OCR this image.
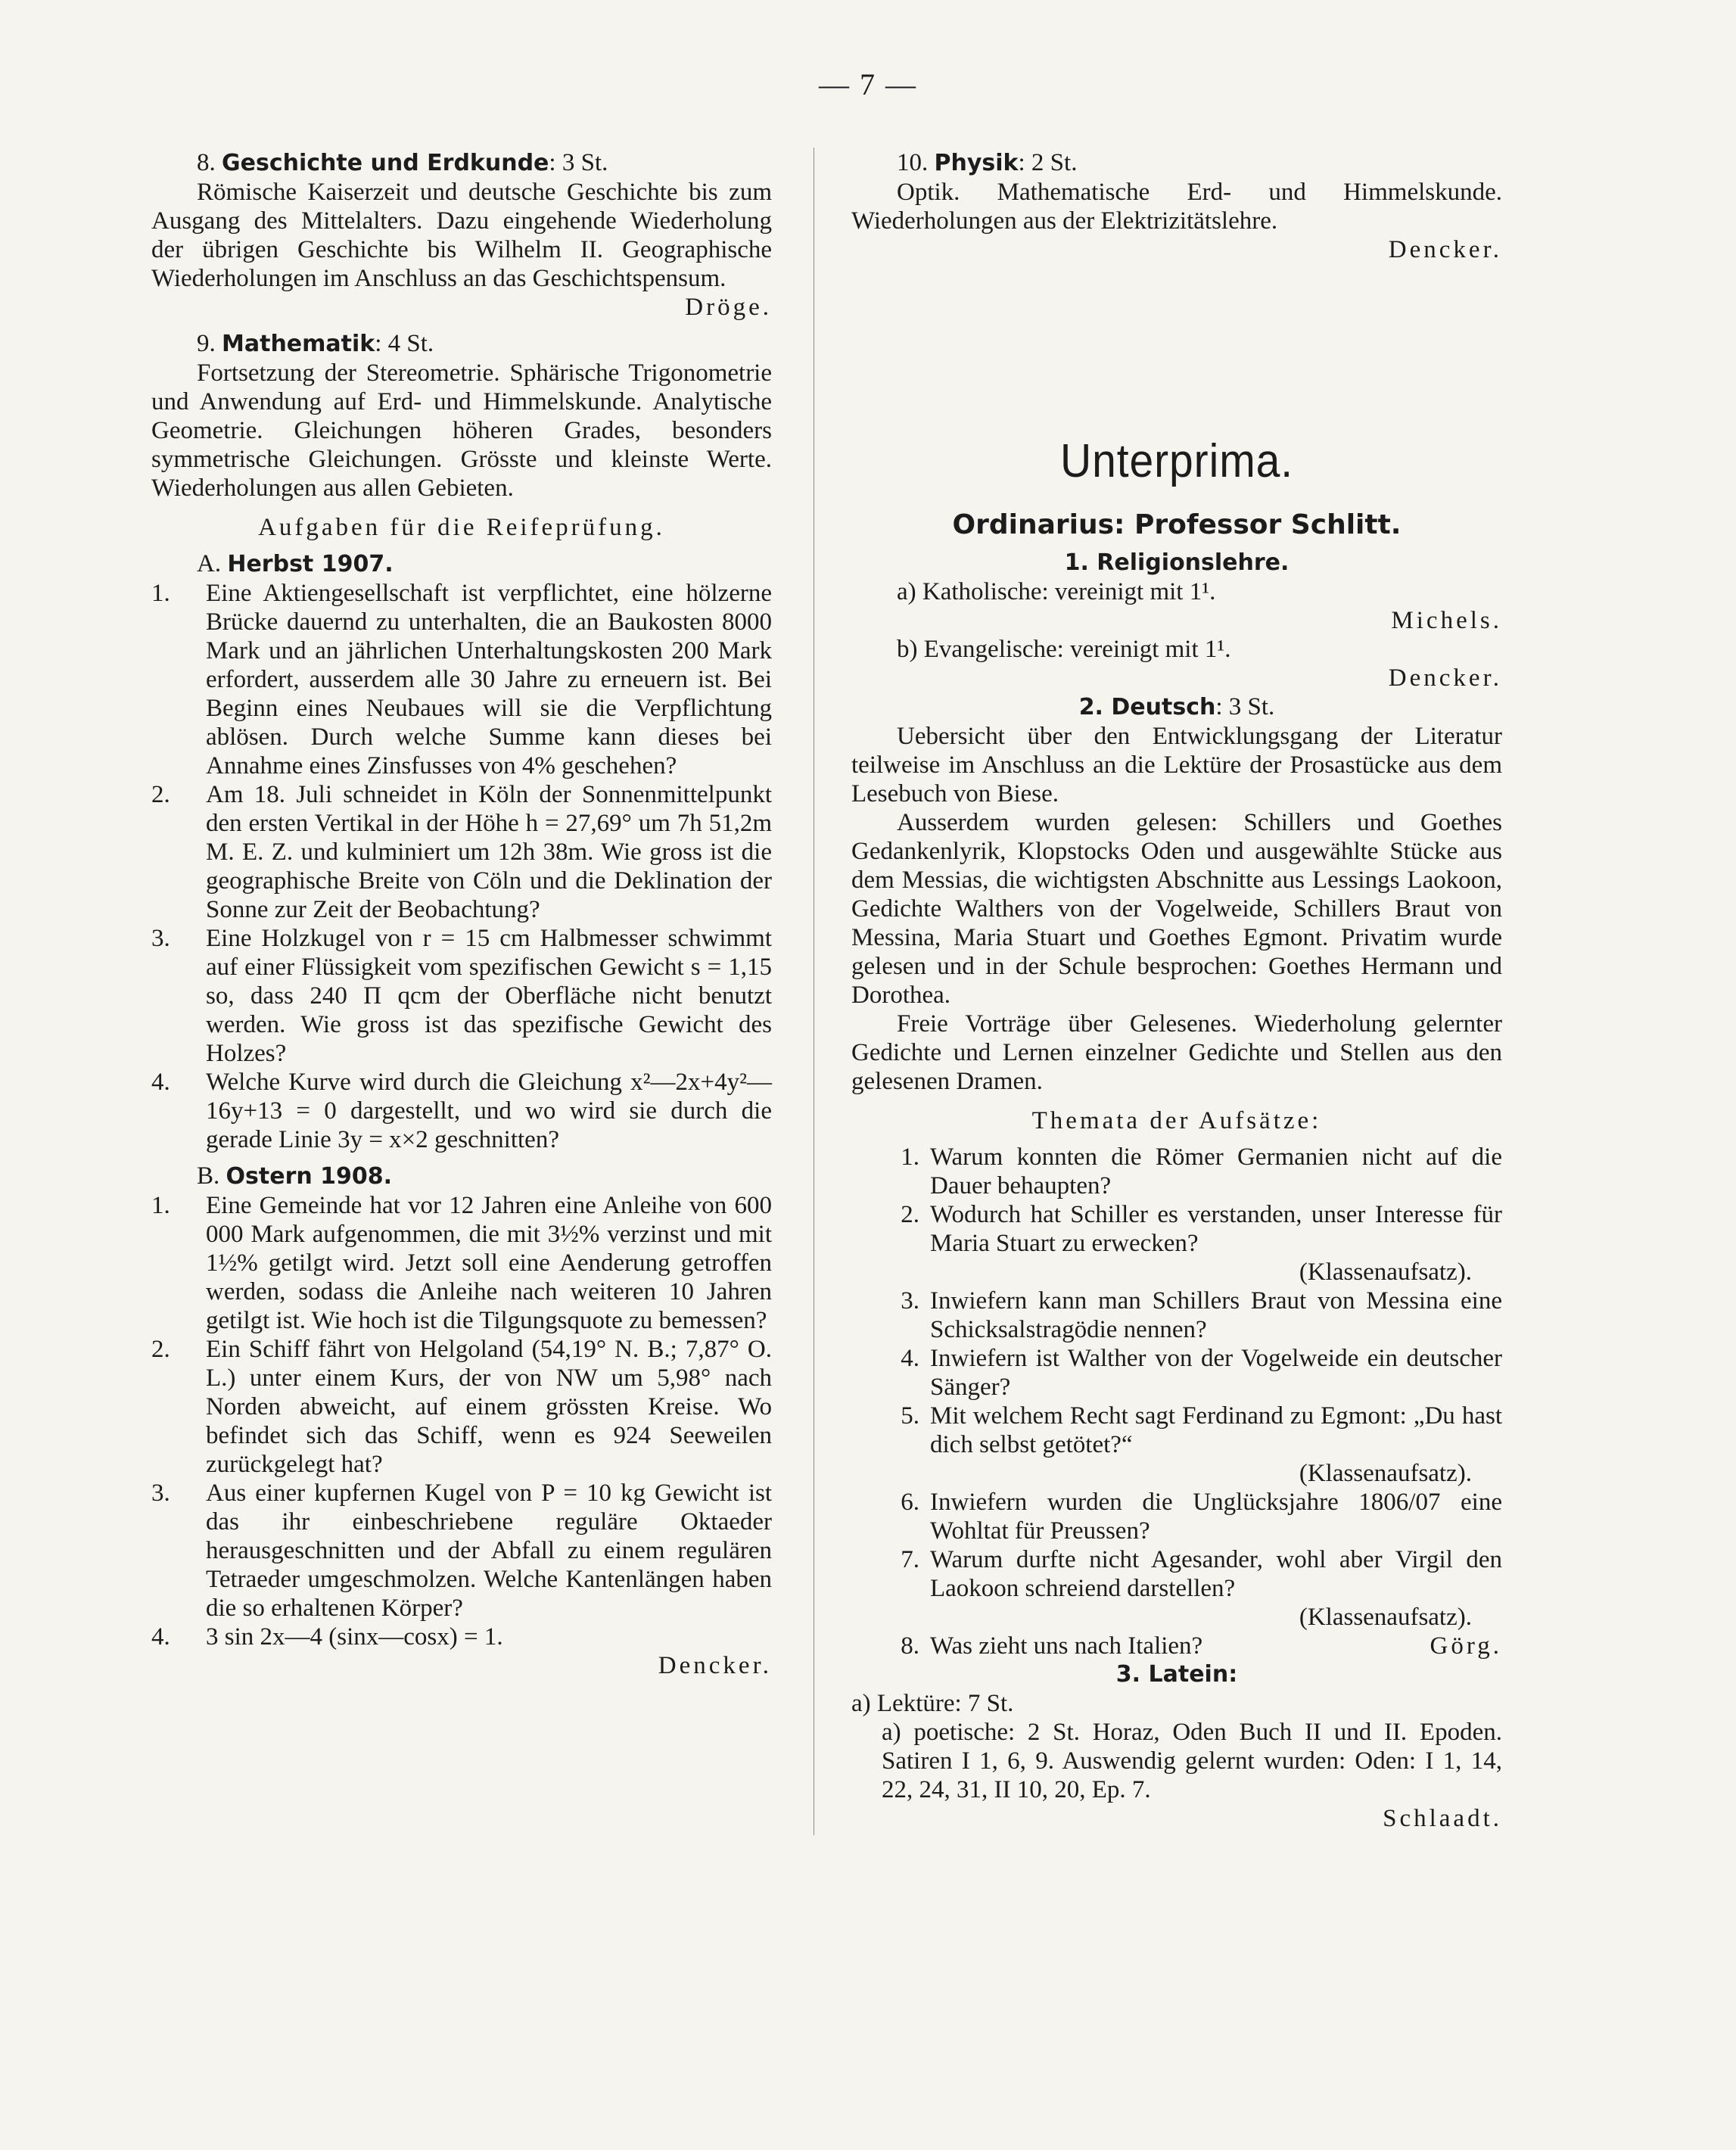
— 7 —

8. Geschichte und Erdkunde: 3 St.

Römische Kaiserzeit und deutsche Geschichte bis zum Ausgang des Mittelalters. Dazu eingehende Wiederholung der übrigen Geschichte bis Wilhelm II. Geographische Wiederholungen im Anschluss an das Geschichtspensum.

Dröge.

9. Mathematik: 4 St.

Fortsetzung der Stereometrie. Sphärische Trigonometrie und Anwendung auf Erd- und Himmelskunde. Analytische Geometrie. Gleichungen höheren Grades, besonders symmetrische Gleichungen. Grösste und kleinste Werte. Wiederholungen aus allen Gebieten.

Aufgaben für die Reifeprüfung.

A. Herbst 1907.

1.	Eine Aktiengesellschaft ist verpflichtet, eine hölzerne Brücke dauernd zu unterhalten, die an Baukosten 8000 Mark und an jährlichen Unterhaltungskosten 200 Mark erfordert, ausserdem alle 30 Jahre zu erneuern ist. Bei Beginn eines Neubaues will sie die Verpflichtung ablösen. Durch welche Summe kann dieses bei Annahme eines Zinsfusses von 4% geschehen?
2.	Am 18. Juli schneidet in Köln der Sonnenmittelpunkt den ersten Vertikal in der Höhe h = 27,69° um 7h 51,2m M. E. Z. und kulminiert um 12h 38m. Wie gross ist die geographische Breite von Cöln und die Deklination der Sonne zur Zeit der Beobachtung?
3.	Eine Holzkugel von r = 15 cm Halbmesser schwimmt auf einer Flüssigkeit vom spezifischen Gewicht s = 1,15 so, dass 240 Π qcm der Oberfläche nicht benutzt werden. Wie gross ist das spezifische Gewicht des Holzes?
4.	Welche Kurve wird durch die Gleichung x²—2x+4y²—16y+13 = 0 dargestellt, und wo wird sie durch die gerade Linie 3y = x×2 geschnitten?

B. Ostern 1908.

1.	Eine Gemeinde hat vor 12 Jahren eine Anleihe von 600 000 Mark aufgenommen, die mit 3½% verzinst und mit 1½% getilgt wird. Jetzt soll eine Aenderung getroffen werden, sodass die Anleihe nach weiteren 10 Jahren getilgt ist. Wie hoch ist die Tilgungsquote zu bemessen?
2.	Ein Schiff fährt von Helgoland (54,19° N. B.; 7,87° O. L.) unter einem Kurs, der von NW um 5,98° nach Norden abweicht, auf einem grössten Kreise. Wo befindet sich das Schiff, wenn es 924 Seeweilen zurückgelegt hat?
3.	Aus einer kupfernen Kugel von P = 10 kg Gewicht ist das ihr einbeschriebene reguläre Oktaeder herausgeschnitten und der Abfall zu einem regulären Tetraeder umgeschmolzen. Welche Kantenlängen haben die so erhaltenen Körper?
4.	3 sin 2x—4 (sinx—cosx) = 1.

Dencker.

10. Physik: 2 St.

Optik. Mathematische Erd- und Himmelskunde. Wiederholungen aus der Elektrizitätslehre.

Dencker.

Unterprima.

Ordinarius: Professor Schlitt.

1. Religionslehre.

a) Katholische: vereinigt mit 1¹.

Michels.

b) Evangelische: vereinigt mit 1¹.

Dencker.

2. Deutsch: 3 St.

Uebersicht über den Entwicklungsgang der Literatur teilweise im Anschluss an die Lektüre der Prosastücke aus dem Lesebuch von Biese.

Ausserdem wurden gelesen: Schillers und Goethes Gedankenlyrik, Klopstocks Oden und ausgewählte Stücke aus dem Messias, die wichtigsten Abschnitte aus Lessings Laokoon, Gedichte Walthers von der Vogelweide, Schillers Braut von Messina, Maria Stuart und Goethes Egmont. Privatim wurde gelesen und in der Schule besprochen: Goethes Hermann und Dorothea.

Freie Vorträge über Gelesenes. Wiederholung gelernter Gedichte und Lernen einzelner Gedichte und Stellen aus den gelesenen Dramen.

Themata der Aufsätze:

1. Warum konnten die Römer Germanien nicht auf die Dauer behaupten?
2. Wodurch hat Schiller es verstanden, unser Interesse für Maria Stuart zu erwecken?

(Klassenaufsatz).

3. Inwiefern kann man Schillers Braut von Messina eine Schicksalstragödie nennen?
4. Inwiefern ist Walther von der Vogelweide ein deutscher Sänger?
5. Mit welchem Recht sagt Ferdinand zu Egmont: „Du hast dich selbst getötet?“

(Klassenaufsatz).

6. Inwiefern wurden die Unglücksjahre 1806/07 eine Wohltat für Preussen?
7. Warum durfte nicht Agesander, wohl aber Virgil den Laokoon schreiend darstellen?

(Klassenaufsatz).

8. Was zieht uns nach Italien?	Görg.

3. Latein:

a) Lektüre: 7 St.

a) poetische: 2 St. Horaz, Oden Buch II und II. Epoden. Satiren I 1, 6, 9. Auswendig gelernt wurden: Oden: I 1, 14, 22, 24, 31, II 10, 20, Ep. 7.

Schlaadt.
